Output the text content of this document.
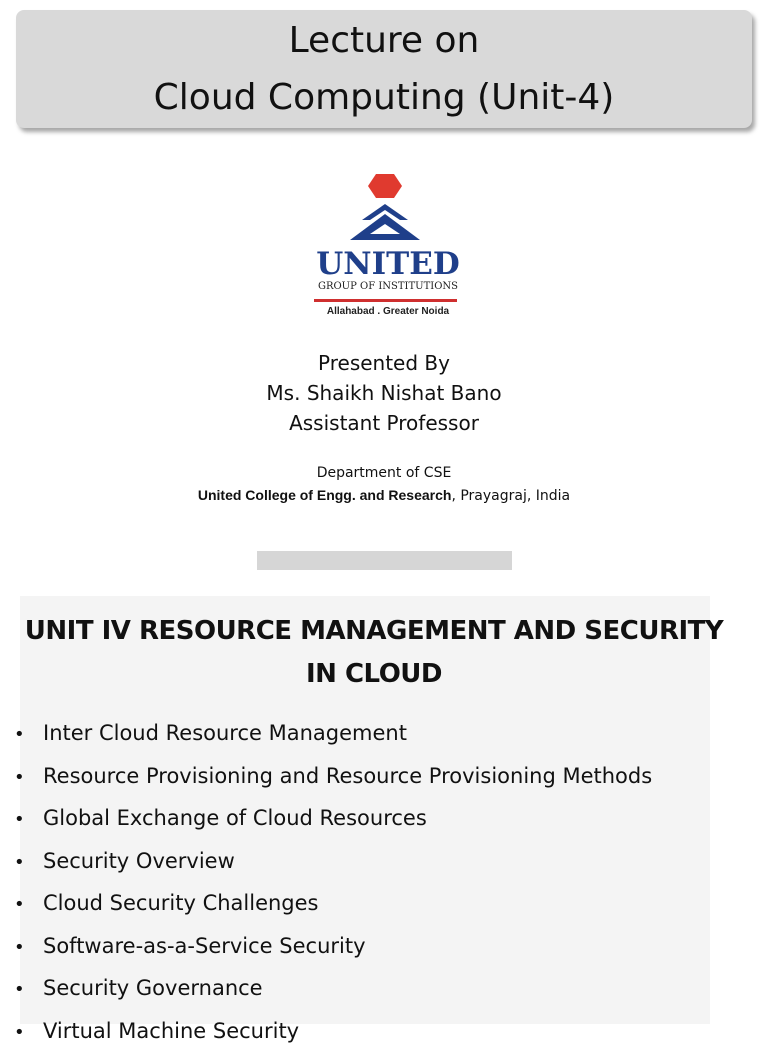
Lecture on
Cloud Computing (Unit-4)
UNITED
GROUP OF INSTITUTIONS
Allahabad . Greater Noida
Presented By
Ms. Shaikh Nishat Bano
Assistant Professor
Department of CSE
United College of Engg. and Research, Prayagraj, India
UNIT IV RESOURCE MANAGEMENT AND SECURITY
IN CLOUD
• Inter Cloud Resource Management
• Resource Provisioning and Resource Provisioning Methods
• Global Exchange of Cloud Resources
• Security Overview
• Cloud Security Challenges
• Software-as-a-Service Security
• Security Governance
• Virtual Machine Security
